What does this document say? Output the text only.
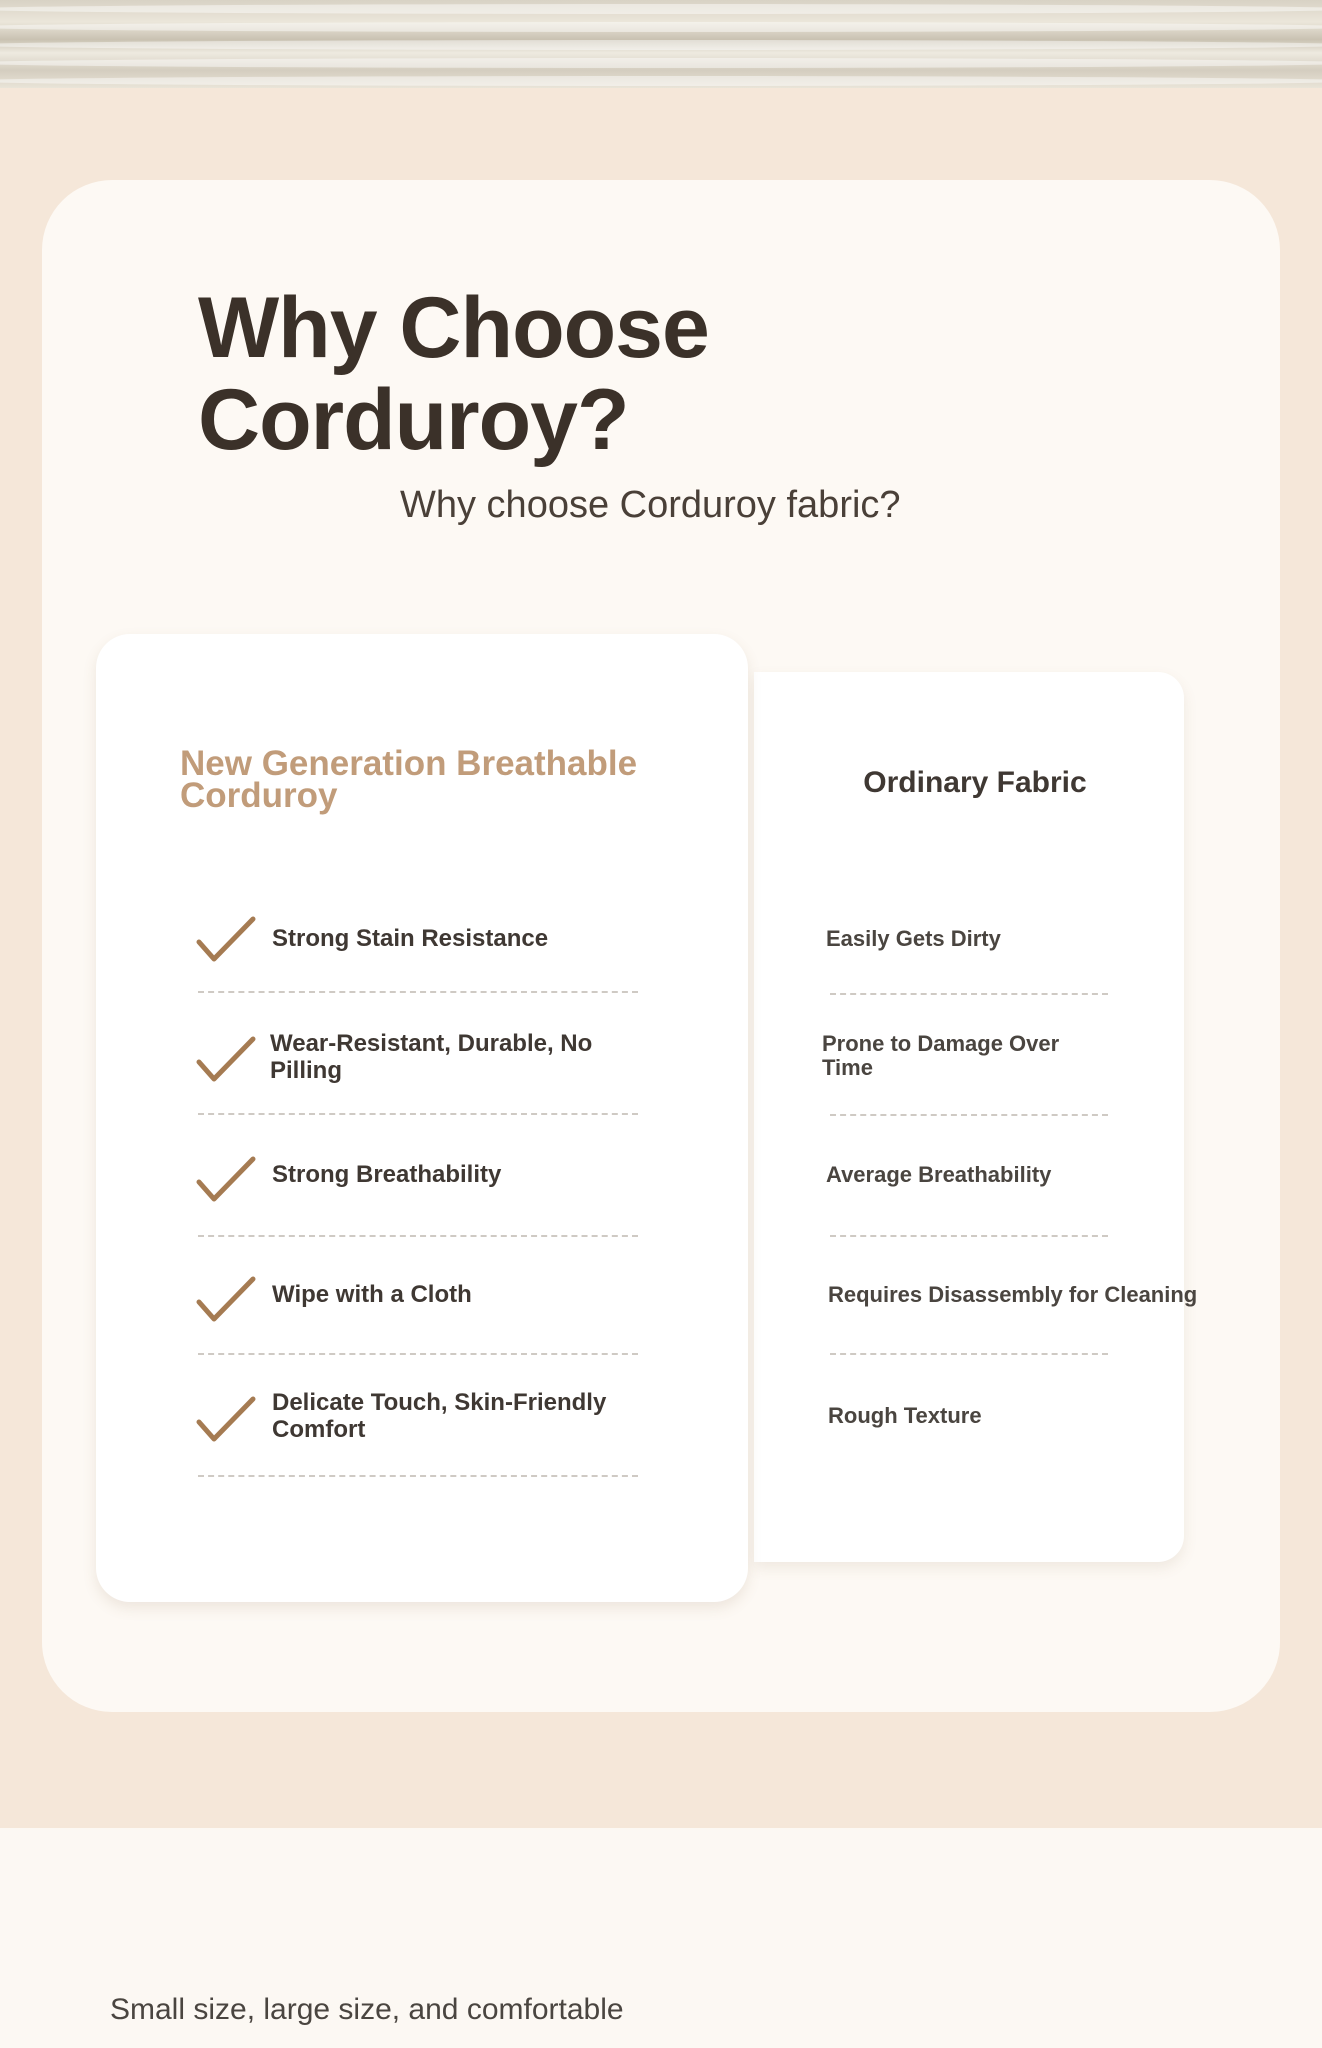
Why Choose Corduroy?
Why choose Corduroy fabric?
New Generation Breathable Corduroy	Ordinary Fabric
Strong Stain Resistance
Wear-Resistant, Durable, No Pilling
Strong Breathability
Wipe with a Cloth
Delicate Touch, Skin-Friendly Comfort
Easily Gets Dirty
Prone to Damage Over Time
Average Breathability
Requires Disassembly for Cleaning
Rough Texture
Small size, large size, and comfortable
